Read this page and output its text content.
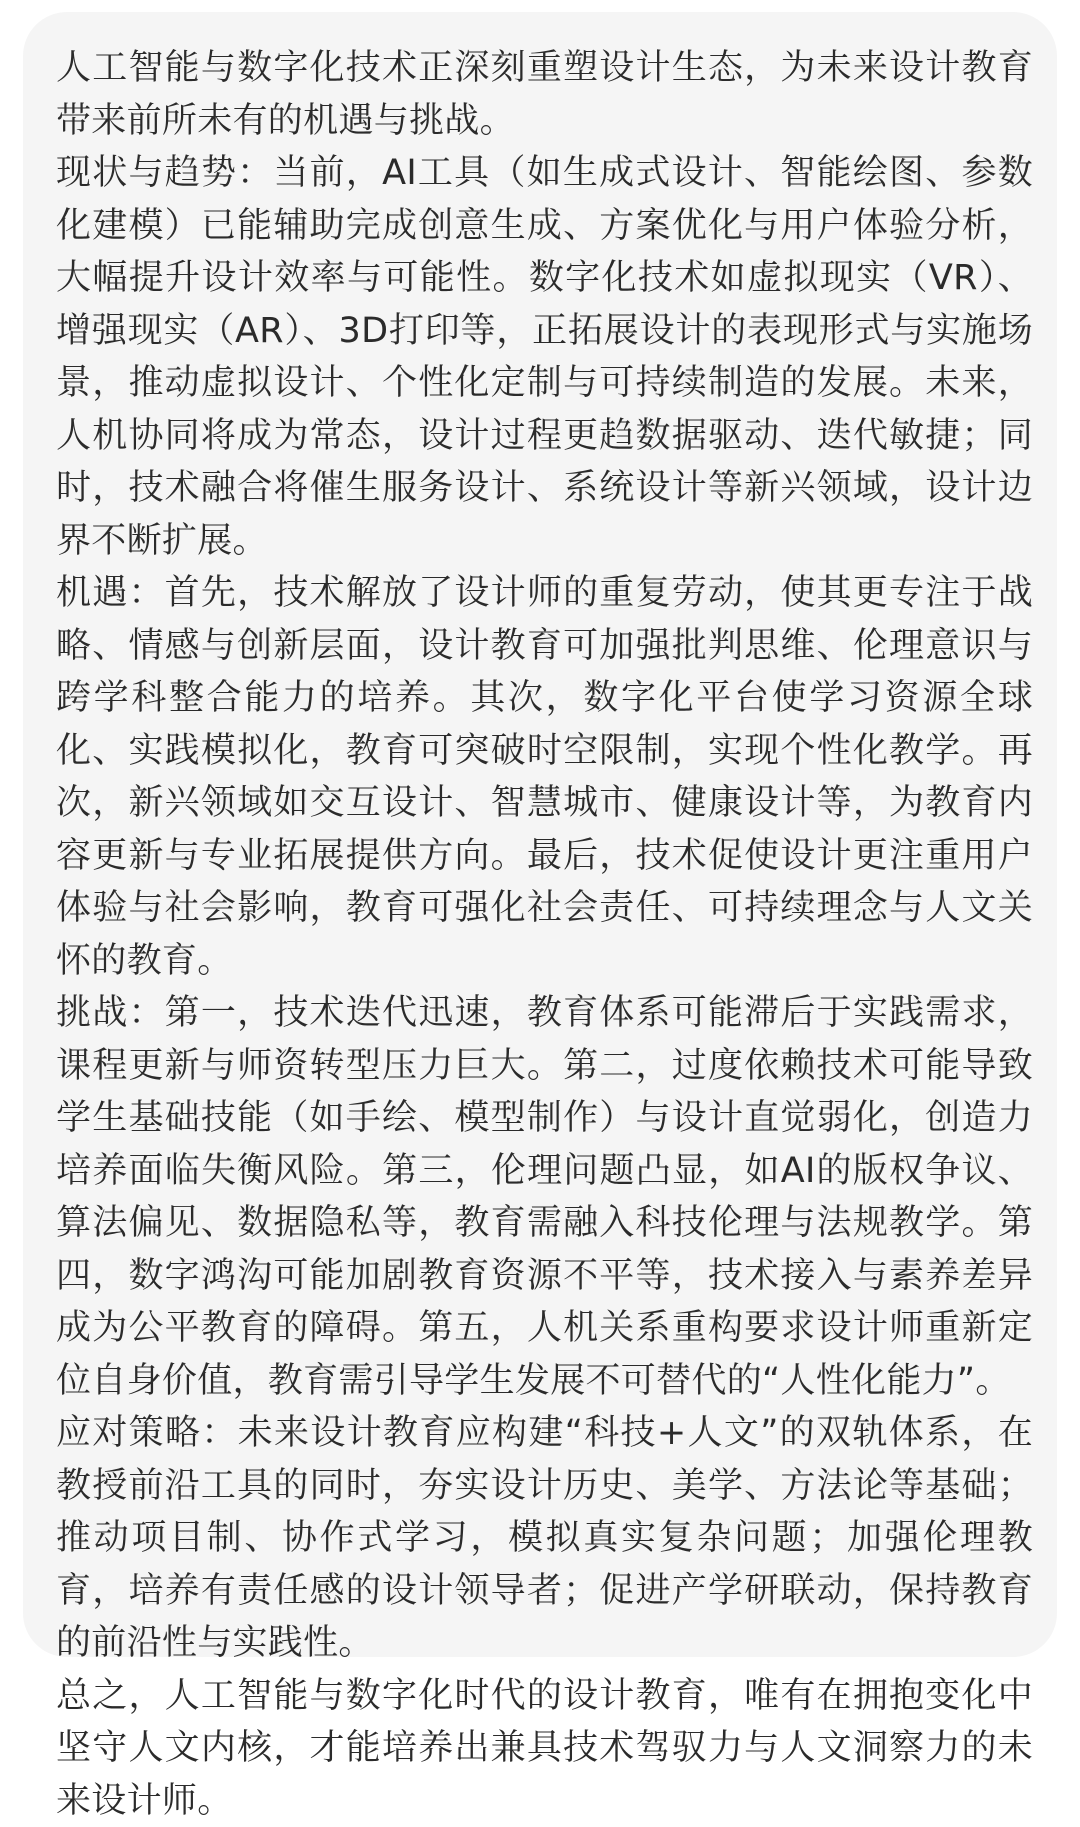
人工智能与数字化技术正深刻重塑设计生态，为未来设计教育带来前所未有的机遇与挑战。

现状与趋势：当前，AI工具（如生成式设计、智能绘图、参数化建模）已能辅助完成创意生成、方案优化与用户体验分析，大幅提升设计效率与可能性。数字化技术如虚拟现实（VR）、增强现实（AR）、3D打印等，正拓展设计的表现形式与实施场景，推动虚拟设计、个性化定制与可持续制造的发展。未来，人机协同将成为常态，设计过程更趋数据驱动、迭代敏捷；同时，技术融合将催生服务设计、系统设计等新兴领域，设计边界不断扩展。

机遇：首先，技术解放了设计师的重复劳动，使其更专注于战略、情感与创新层面，设计教育可加强批判思维、伦理意识与跨学科整合能力的培养。其次，数字化平台使学习资源全球化、实践模拟化，教育可突破时空限制，实现个性化教学。再次，新兴领域如交互设计、智慧城市、健康设计等，为教育内容更新与专业拓展提供方向。最后，技术促使设计更注重用户体验与社会影响，教育可强化社会责任、可持续理念与人文关怀的教育。

挑战：第一，技术迭代迅速，教育体系可能滞后于实践需求，课程更新与师资转型压力巨大。第二，过度依赖技术可能导致学生基础技能（如手绘、模型制作）与设计直觉弱化，创造力培养面临失衡风险。第三，伦理问题凸显，如AI的版权争议、算法偏见、数据隐私等，教育需融入科技伦理与法规教学。第四，数字鸿沟可能加剧教育资源不平等，技术接入与素养差异成为公平教育的障碍。第五，人机关系重构要求设计师重新定位自身价值，教育需引导学生发展不可替代的“人性化能力”。

应对策略：未来设计教育应构建“科技+人文”的双轨体系，在教授前沿工具的同时，夯实设计历史、美学、方法论等基础；推动项目制、协作式学习，模拟真实复杂问题；加强伦理教育，培养有责任感的设计领导者；促进产学研联动，保持教育的前沿性与实践性。

总之，人工智能与数字化时代的设计教育，唯有在拥抱变化中坚守人文内核，才能培养出兼具技术驾驭力与人文洞察力的未来设计师。
